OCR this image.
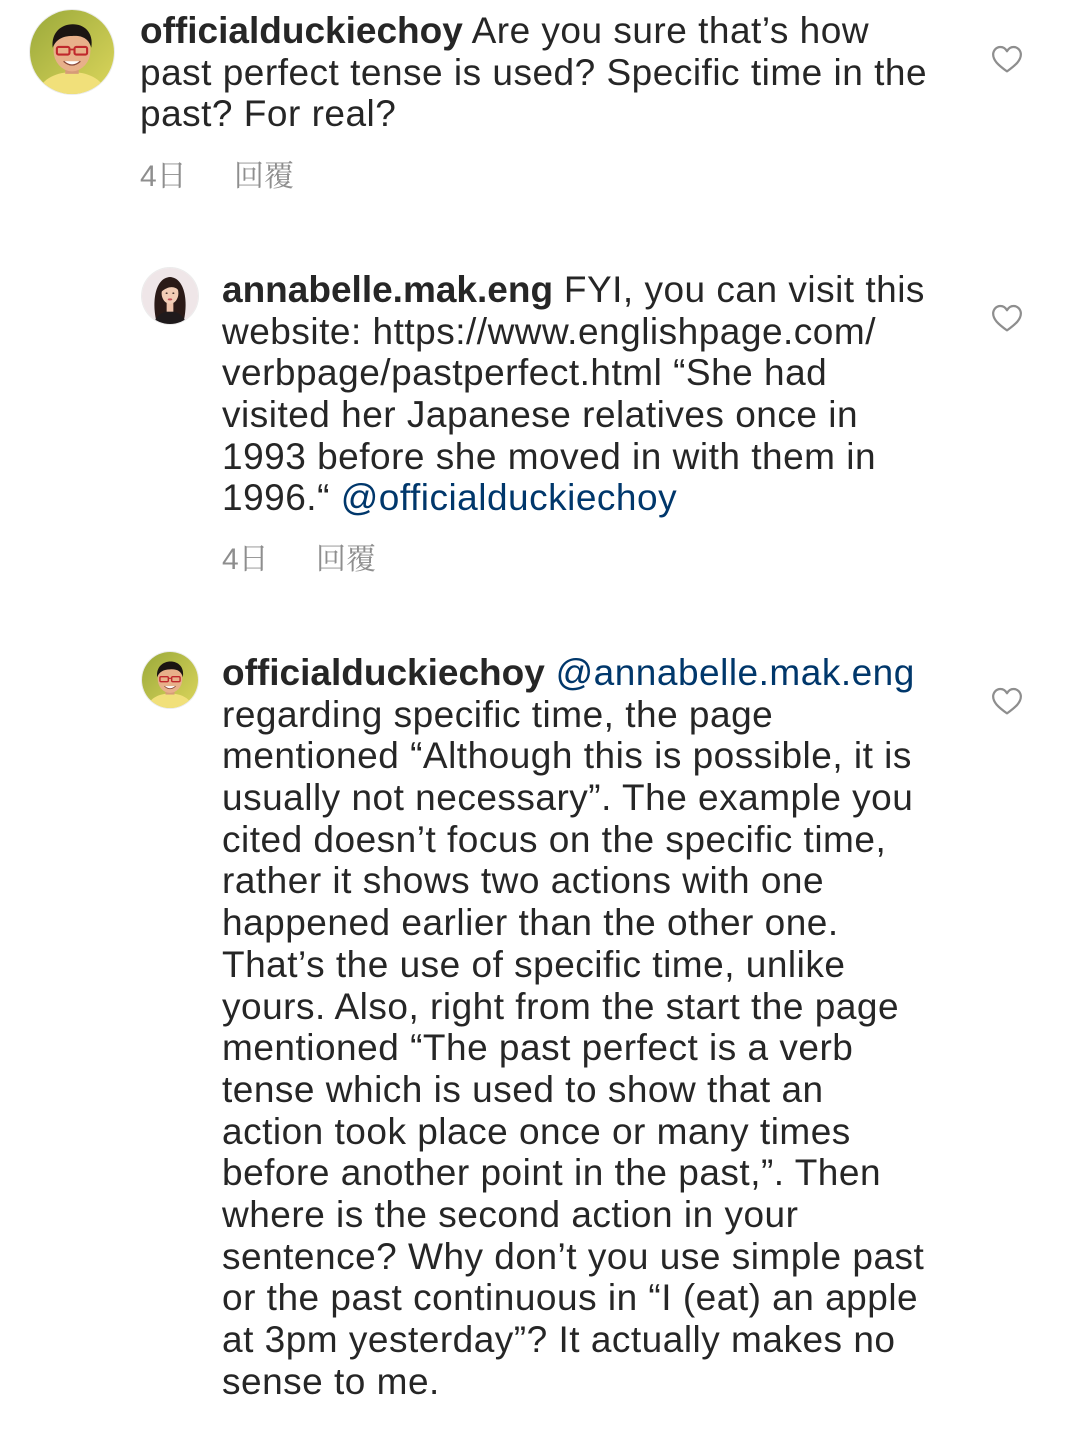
officialduckiechoy Are you sure that’s how
past perfect tense is used? Specific time in the
past? For real?
4日 回覆
annabelle.mak.eng FYI, you can visit this
website: https://www.englishpage.com/
verbpage/pastperfect.html “She had
visited her Japanese relatives once in
1993 before she moved in with them in
1996.“ @officialduckiechoy
4日 回覆
officialduckiechoy @annabelle.mak.eng
regarding specific time, the page
mentioned “Although this is possible, it is
usually not necessary”. The example you
cited doesn’t focus on the specific time,
rather it shows two actions with one
happened earlier than the other one.
That’s the use of specific time, unlike
yours. Also, right from the start the page
mentioned “The past perfect is a verb
tense which is used to show that an
action took place once or many times
before another point in the past,”. Then
where is the second action in your
sentence? Why don’t you use simple past
or the past continuous in “I (eat) an apple
at 3pm yesterday”? It actually makes no
sense to me.
